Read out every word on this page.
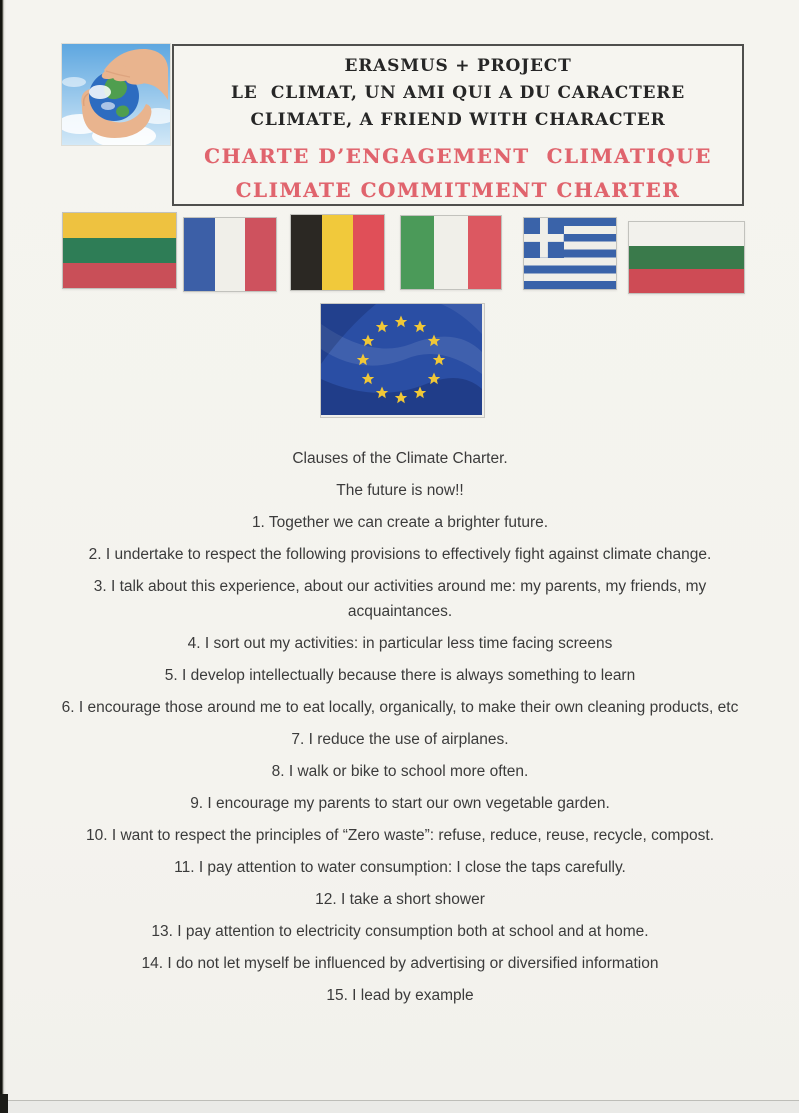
ERASMUS + PROJECT
LE  CLIMAT, UN AMI QUI A DU CARACTERE
CLIMATE, A FRIEND WITH CHARACTER
CHARTE D’ENGAGEMENT  CLIMATIQUE
CLIMATE COMMITMENT CHARTER

Clauses of the Climate Charter.

The future is now!!

1. Together we can create a brighter future.

2. I undertake to respect the following provisions to effectively fight against climate change.

3. I talk about this experience, about our activities around me: my parents, my friends, my acquaintances.

4. I sort out my activities: in particular less time facing screens

5. I develop intellectually because there is always something to learn

6. I encourage those around me to eat locally, organically, to make their own cleaning products, etc

7. I reduce the use of airplanes.

8. I walk or bike to school more often.

9. I encourage my parents to start our own vegetable garden.

10. I want to respect the principles of “Zero waste”: refuse, reduce, reuse, recycle, compost.

11. I pay attention to water consumption: I close the taps carefully.

12. I take a short shower

13. I pay attention to electricity consumption both at school and at home.

14. I do not let myself be influenced by advertising or diversified information

15. I lead by example
